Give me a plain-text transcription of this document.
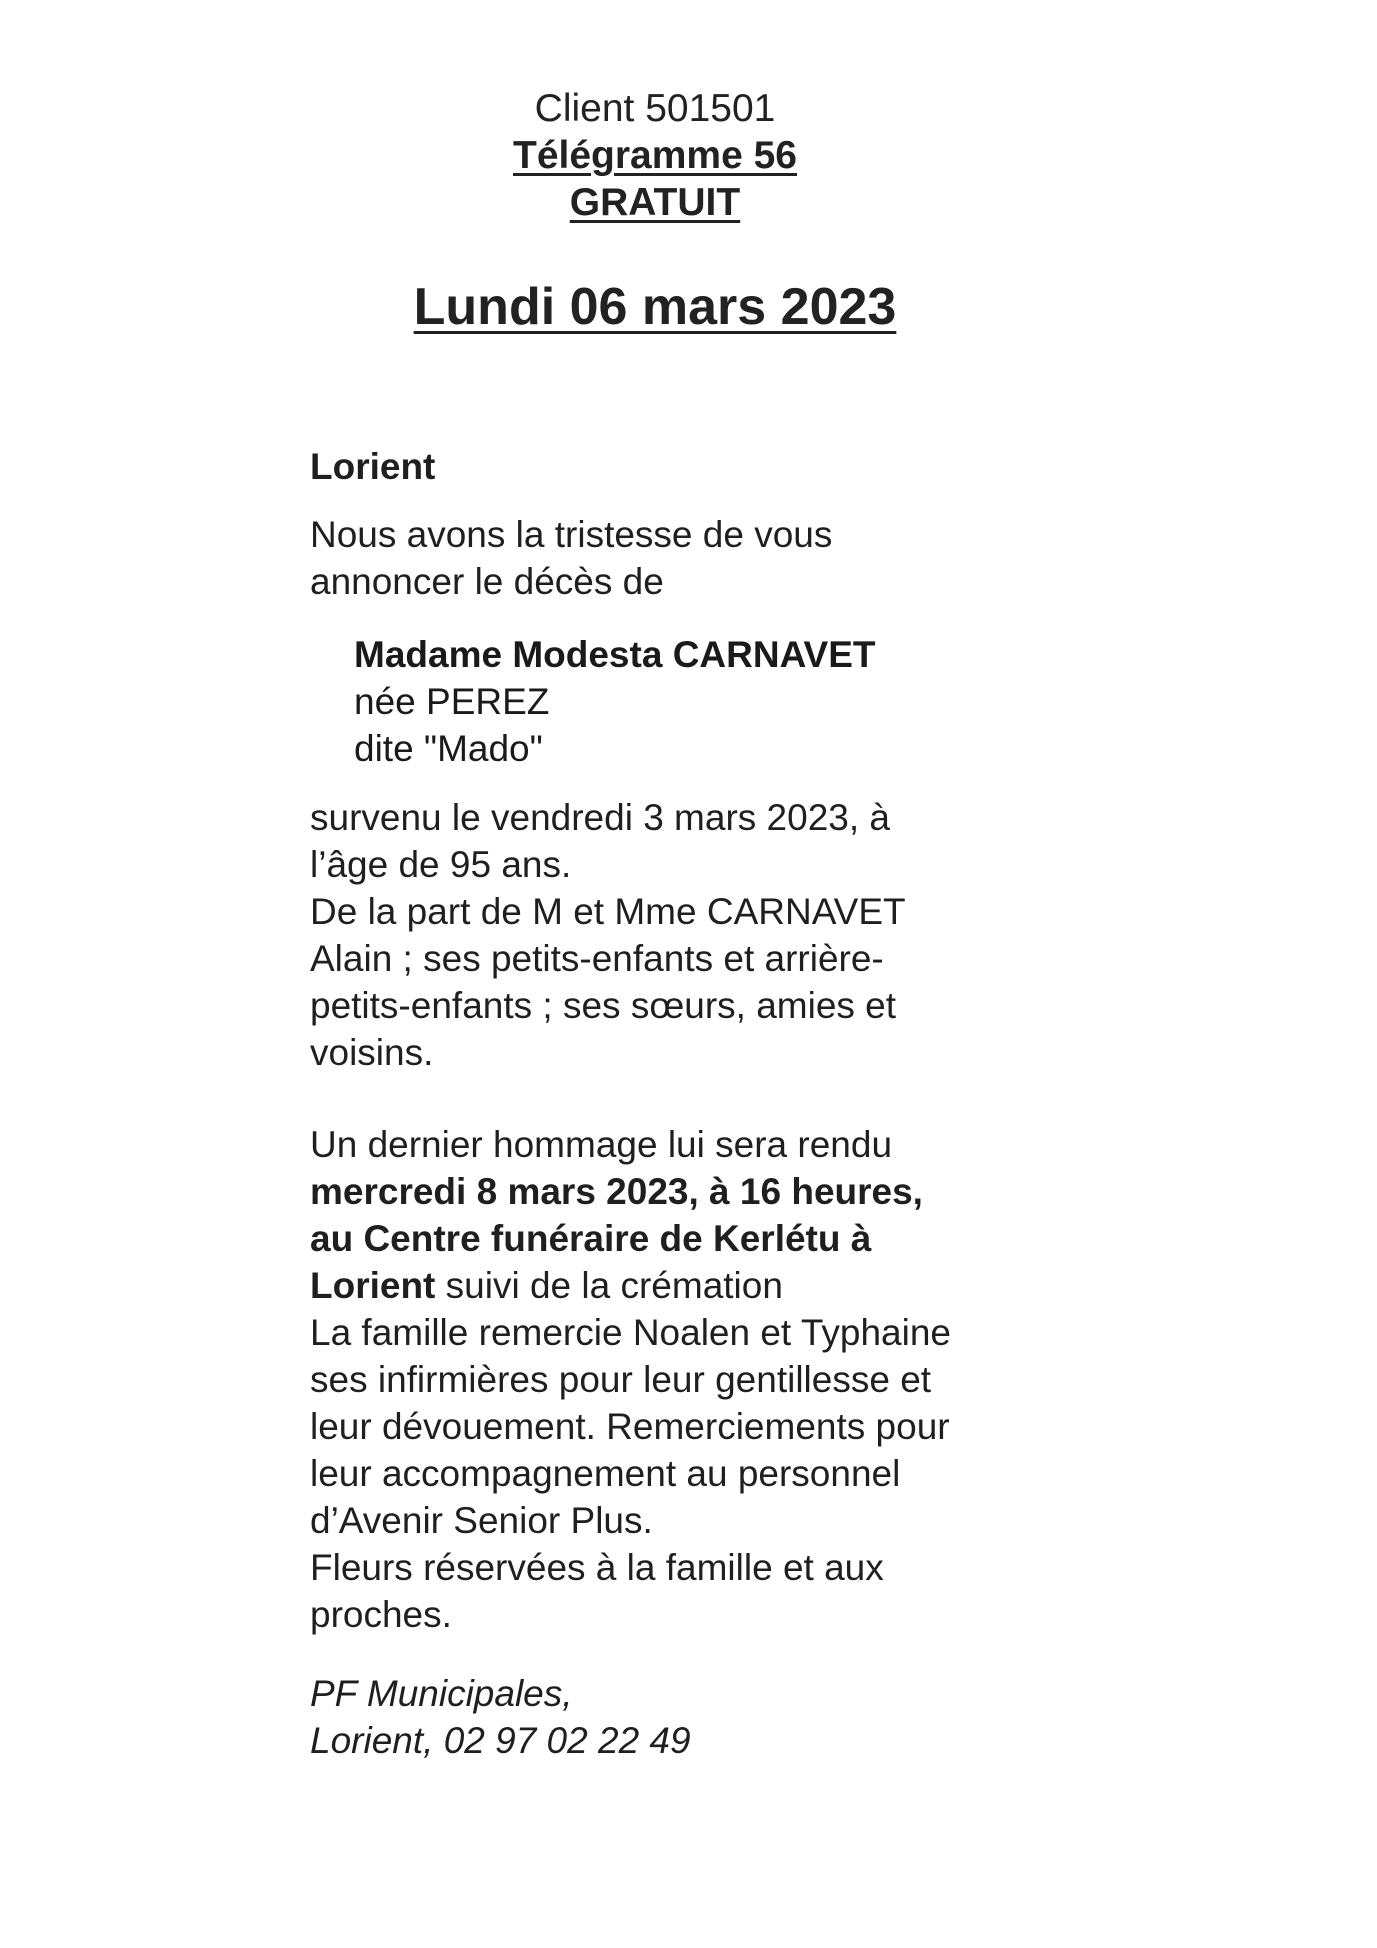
Client 501501
Télégramme 56
GRATUIT
Lundi 06 mars 2023
Lorient
Nous avons la tristesse de vous
annoncer le décès de
Madame Modesta CARNAVET
née PEREZ
dite "Mado"
survenu le vendredi 3 mars 2023, à
l’âge de 95 ans.
De la part de M et Mme CARNAVET
Alain ; ses petits-enfants et arrière-
petits-enfants ; ses sœurs, amies et
voisins.
Un dernier hommage lui sera rendu
mercredi 8 mars 2023, à 16 heures,
au Centre funéraire de Kerlétu à
Lorient suivi de la crémation
La famille remercie Noalen et Typhaine
ses infirmières pour leur gentillesse et
leur dévouement. Remerciements pour
leur accompagnement au personnel
d’Avenir Senior Plus.
Fleurs réservées à la famille et aux
proches.
PF Municipales,
Lorient, 02 97 02 22 49
